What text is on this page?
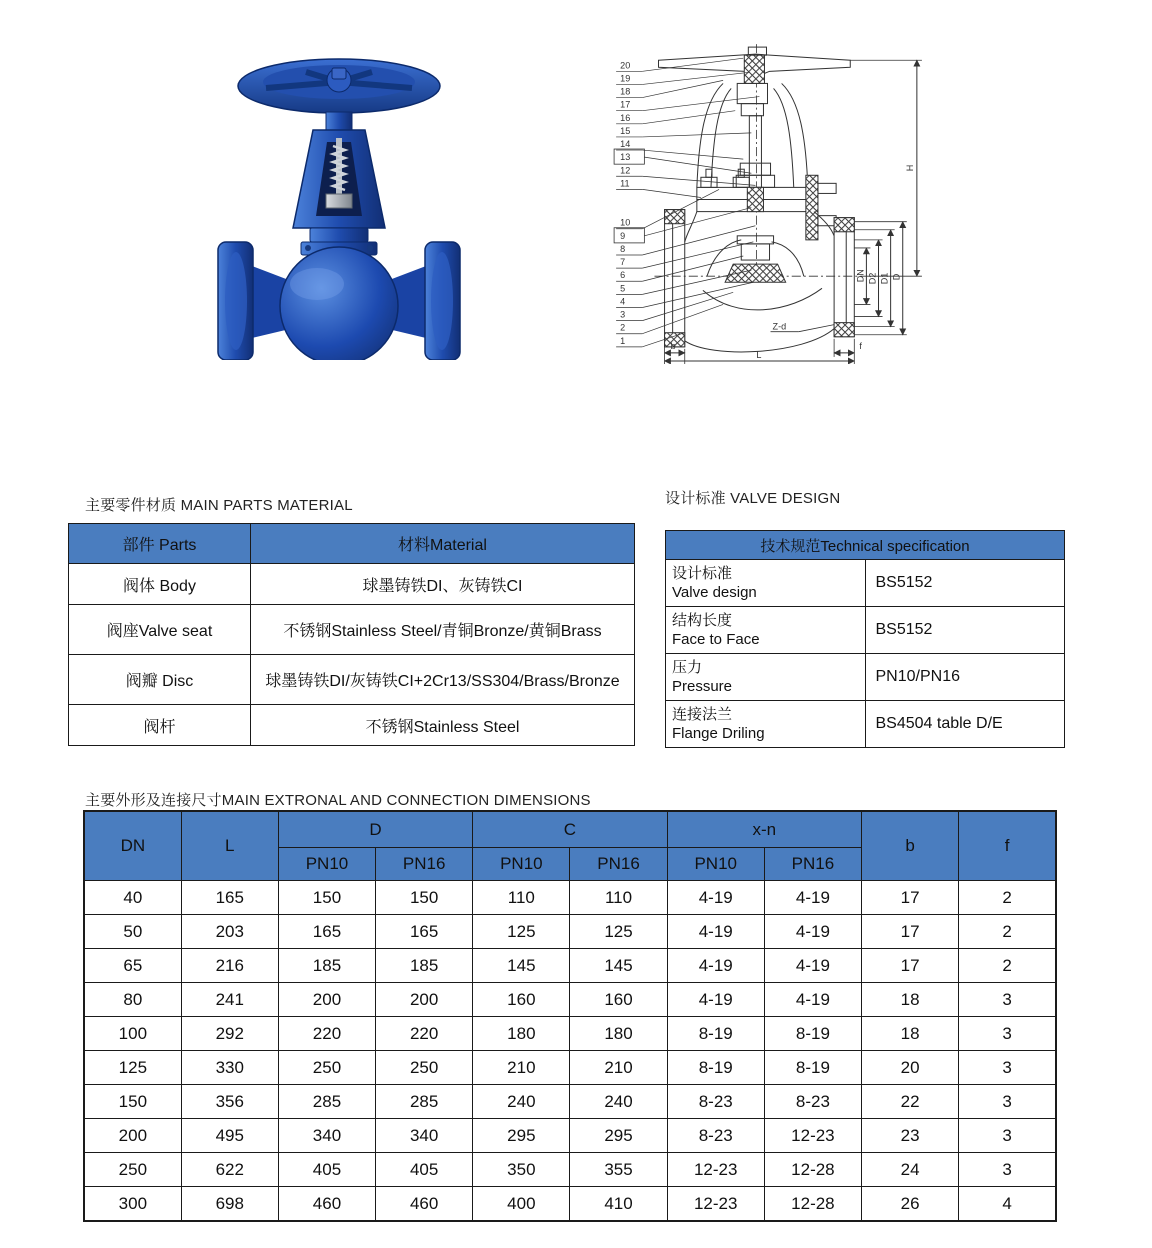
DN D2 D1 D
H
b
L
f
Z-d
20
19
18
17
16
15
14
13
12
11
10
9
8
7
6
5
4
3
2
1
主要零件材质 MAIN PARTS MATERIAL
部件 Parts	材料Material
阀体 Body	球墨铸铁DI、灰铸铁CI
阀座Valve seat	不锈钢Stainless Steel/青铜Bronze/黄铜Brass
阀瓣 Disc	球墨铸铁DI/灰铸铁CI+2Cr13/SS304/Brass/Bronze
阀杆	不锈钢Stainless Steel
设计标准 VALVE DESIGN
技术规范Technical specification	

设计标准
Valve design	BS5152

结构长度
Face to Face	BS5152

压力
Pressure	PN10/PN16

连接法兰
Flange Driling	BS4504 table D/E
主要外形及连接尺寸MAIN EXTRONAL AND CONNECTION DIMENSIONS
DN	L	D		C		x-n		b	f
		PN10	PN16	PN10	PN16	PN10	PN16		
40	165	150	150	110	110	4-19	4-19	17	2
50	203	165	165	125	125	4-19	4-19	17	2
65	216	185	185	145	145	4-19	4-19	17	2
80	241	200	200	160	160	4-19	4-19	18	3
100	292	220	220	180	180	8-19	8-19	18	3
125	330	250	250	210	210	8-19	8-19	20	3
150	356	285	285	240	240	8-23	8-23	22	3
200	495	340	340	295	295	8-23	12-23	23	3
250	622	405	405	350	355	12-23	12-28	24	3
300	698	460	460	400	410	12-23	12-28	26	4
